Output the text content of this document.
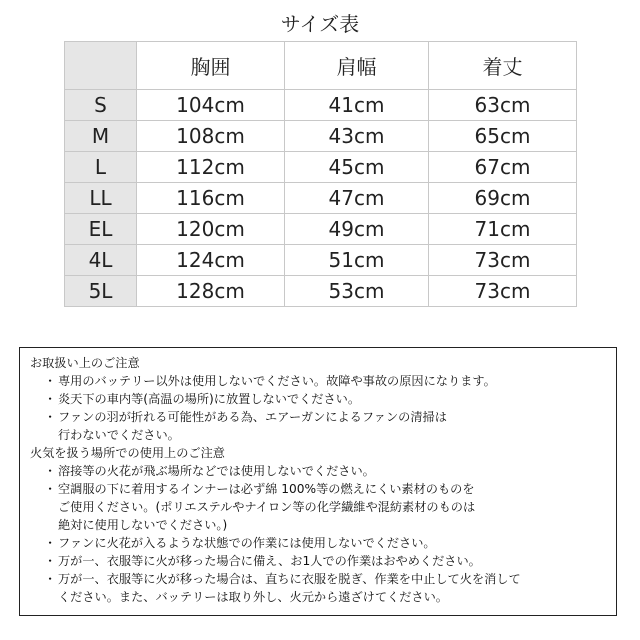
サイズ表
	胸囲	肩幅	着丈
S	104cm	41cm	63cm
M	108cm	43cm	65cm
L	112cm	45cm	67cm
LL	116cm	47cm	69cm
EL	120cm	49cm	71cm
4L	124cm	51cm	73cm
5L	128cm	53cm	73cm
お取扱い上のご注意
・ 専用のバッテリー以外は使用しないでください。故障や事故の原因になります。
・ 炎天下の車内等(高温の場所)に放置しないでください。
・ ファンの羽が折れる可能性がある為、エアーガンによるファンの清掃は
行わないでください。
火気を扱う場所での使用上のご注意
・ 溶接等の火花が飛ぶ場所などでは使用しないでください。
・ 空調服の下に着用するインナーは必ず綿 100%等の燃えにくい素材のものを
ご使用ください。(ポリエステルやナイロン等の化学繊維や混紡素材のものは
絶対に使用しないでください。)
・ ファンに火花が入るような状態での作業には使用しないでください。
・ 万が一、衣服等に火が移った場合に備え、お1人での作業はおやめください。
・ 万が一、衣服等に火が移った場合は、直ちに衣服を脱ぎ、作業を中止して火を消して
ください。また、バッテリーは取り外し、火元から遠ざけてください。
